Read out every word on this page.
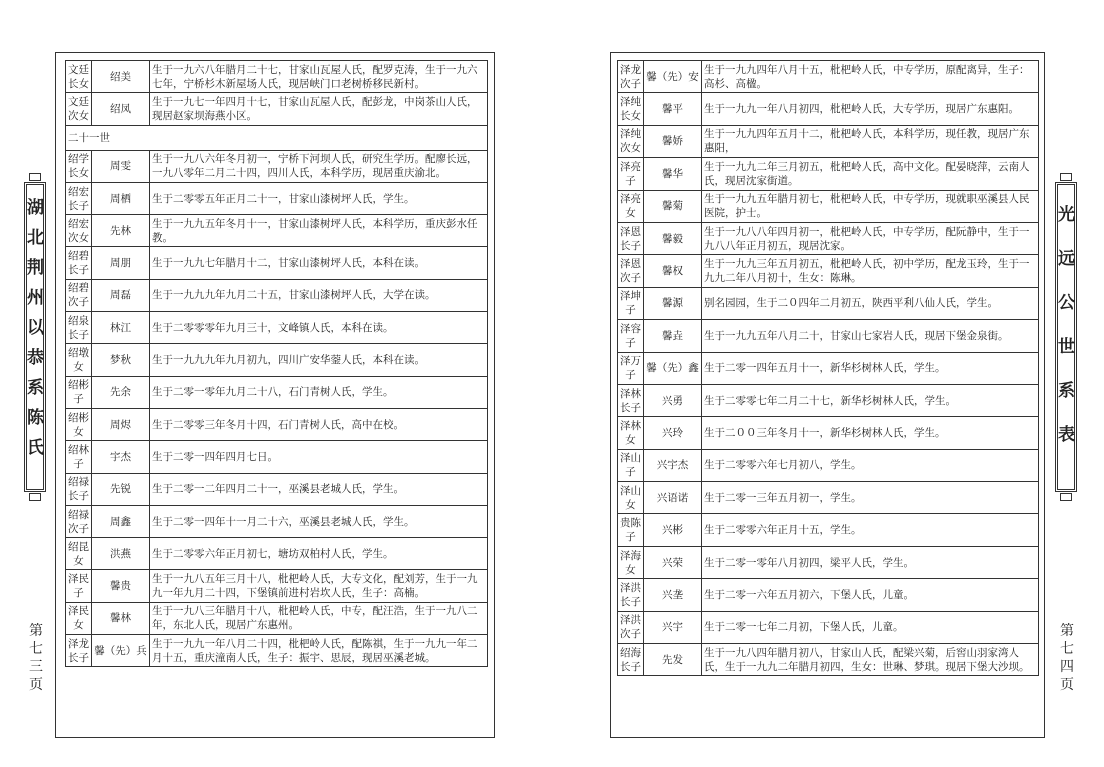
湖
北
荆
州
以
恭
系
陈
氏
第七三页
文廷长女	绍美	生于一九六八年腊月二十七，甘家山瓦屋人氏，配罗克涛，生于一九六七年，宁桥杉木新屋场人氏，现居峡门口老树桥移民新村。
文廷次女	绍凤	生于一九七一年四月十七，甘家山瓦屋人氏，配彭龙，中岗茶山人氏，现居赵家坝海燕小区。
二十一世		
绍学长女	周雯	生于一九八六年冬月初一，宁桥下河坝人氏，研究生学历。配廖长远，一九八零年二月二十四，四川人氏，本科学历，现居重庆渝北。
绍宏长子	周栖	生于二零零五年正月二十一，甘家山漆树坪人氏，学生。
绍宏次女	先林	生于一九九五年冬月十一，甘家山漆树坪人氏，本科学历，重庆彭水任教。
绍碧长子	周朋	生于一九九七年腊月十二，甘家山漆树坪人氏，本科在读。
绍碧次子	周磊	生于一九九九年九月二十五，甘家山漆树坪人氏，大学在读。
绍泉长子	林江	生于二零零零年九月三十，文峰镇人氏，本科在读。
绍墩女	梦秋	生于一九九九年九月初九，四川广安华蓥人氏，本科在读。
绍彬子	先余	生于二零一零年九月二十八，石门青树人氏，学生。
绍彬女	周烬	生于二零零三年冬月十四，石门青树人氏，高中在校。
绍林子	宇杰	生于二零一四年四月七日。
绍禄长子	先锐	生于二零一二年四月二十一，巫溪县老城人氏，学生。
绍禄次子	周鑫	生于二零一四年十一月二十六，巫溪县老城人氏，学生。
绍昆女	洪燕	生于二零零六年正月初七，塘坊双柏村人氏，学生。
泽民子	馨贵	生于一九八五年三月十八，枇杷岭人氏，大专文化，配刘芳，生于一九九一年九月二十四，下堡镇前进村岩坎人氏，生子：高楠。
泽民女	馨林	生于一九八三年腊月十八，枇杷岭人氏，中专，配汪浩，生于一九八二年，东北人氏，现居广东惠州。
泽龙长子	馨（先）兵	生于一九九一年八月二十四，枇杷岭人氏，配陈祺，生于一九九一年二月十五，重庆潼南人氏，生子：振宇、思辰，现居巫溪老城。
光
远
公
世
系
表
第七四页
泽龙次子	馨（先）安	生于一九九四年八月十五，枇杷岭人氏，中专学历，原配离异，生子：高杉、高楹。
泽纯长女	馨平	生于一九九一年八月初四，枇杷岭人氏，大专学历，现居广东惠阳。
泽纯次女	馨娇	生于一九九四年五月十二，枇杷岭人氏，本科学历，现任教，现居广东惠阳，
泽亮子	馨华	生于一九九二年三月初五，枇杷岭人氏，高中文化。配晏晓萍，云南人氏，现居沈家街道。
泽亮女	馨菊	生于一九九五年腊月初七，枇杷岭人氏，中专学历，现就职巫溪县人民医院，护士。
泽恩长子	馨毅	生于一九八八年四月初一，枇杷岭人氏，中专学历，配阮静中，生于一九八八年正月初五，现居沈家。
泽恩次子	馨权	生于一九九三年五月初五，枇杷岭人氏，初中学历，配龙玉玲，生于一九九二年八月初十，生女：陈琳。
泽坤子	馨源	别名园园，生于二０四年二月初五，陕西平利八仙人氏，学生。
泽容子	馨垚	生于一九九五年八月二十，甘家山七家岩人氏，现居下堡金泉街。
泽万子	馨（先）鑫	生于二零一四年五月十一，新华杉树林人氏，学生。
泽林长子	兴勇	生于二零零七年二月二十七，新华杉树林人氏，学生。
泽林女	兴玲	生于二００三年冬月十一，新华杉树林人氏，学生。
泽山子	兴宇杰	生于二零零六年七月初八，学生。
泽山女	兴语诺	生于二零一三年五月初一，学生。
贵陈子	兴彬	生于二零零六年正月十五，学生。
泽海女	兴荣	生于二零一零年八月初四，梁平人氏，学生。
泽洪长子	兴垄	生于二零一六年五月初六，下堡人氏，儿童。
泽洪次子	兴宇	生于二零一七年二月初，下堡人氏，儿童。
绍海长子	先发	生于一九八四年腊月初八，甘家山人氏，配梁兴菊，后窖山羽家湾人氏，生于一九九二年腊月初四，生女：世琳、梦琪。现居下堡大沙坝。
